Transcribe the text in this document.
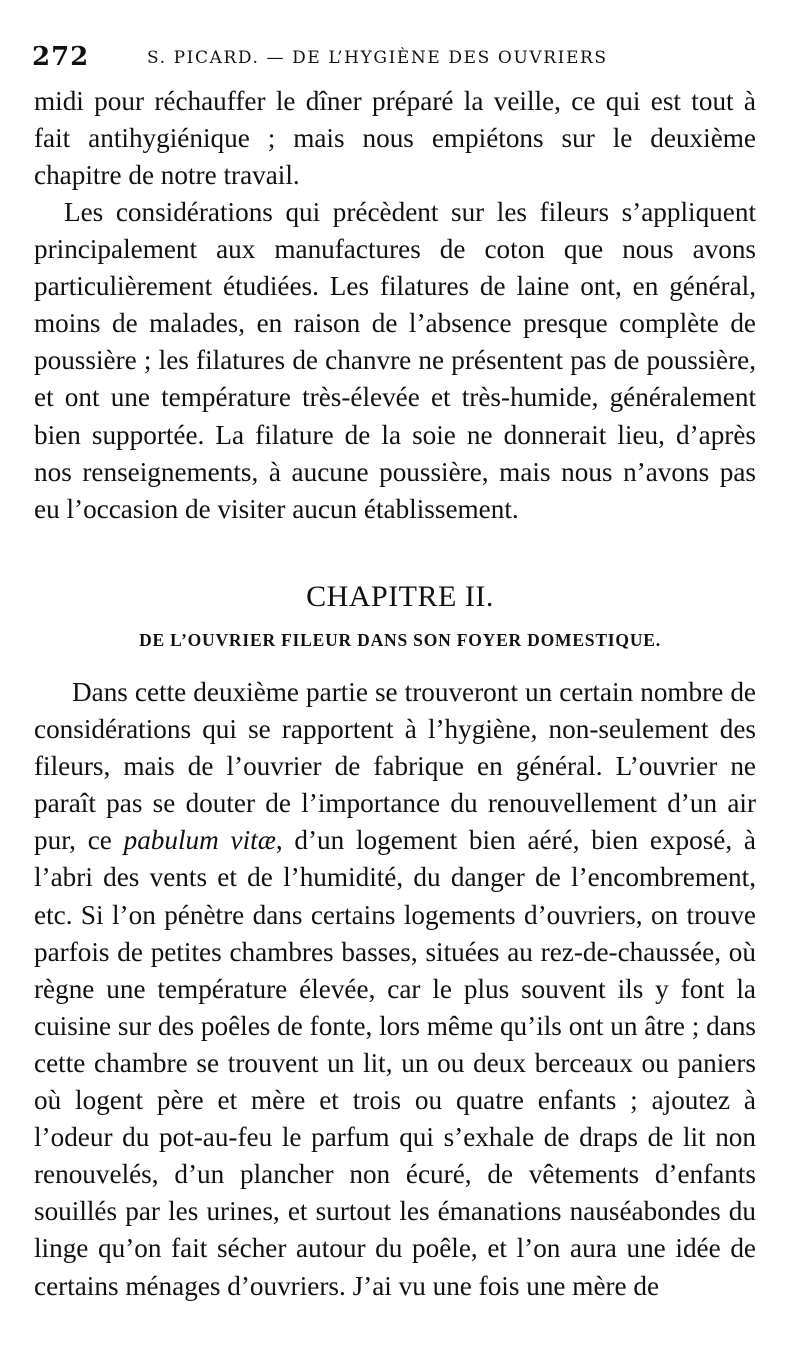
272	S. PICARD. — DE L’HYGIÈNE DES OUVRIERS

midi pour réchauffer le dîner préparé la veille, ce qui est tout à fait antihygiénique ; mais nous empiétons sur le deuxième chapitre de notre travail.

Les considérations qui précèdent sur les fileurs s’appliquent principalement aux manufactures de coton que nous avons particulièrement étudiées. Les filatures de laine ont, en général, moins de malades, en raison de l’absence presque complète de poussière ; les filatures de chanvre ne présentent pas de poussière, et ont une température très-élevée et très-humide, généralement bien supportée. La filature de la soie ne donnerait lieu, d’après nos renseignements, à aucune poussière, mais nous n’avons pas eu l’occasion de visiter aucun établissement.

CHAPITRE II.
DE L’OUVRIER FILEUR DANS SON FOYER DOMESTIQUE.

Dans cette deuxième partie se trouveront un certain nombre de considérations qui se rapportent à l’hygiène, non-seulement des fileurs, mais de l’ouvrier de fabrique en général. L’ouvrier ne paraît pas se douter de l’importance du renouvellement d’un air pur, ce pabulum vitæ, d’un logement bien aéré, bien exposé, à l’abri des vents et de l’humidité, du danger de l’encombrement, etc. Si l’on pénètre dans certains logements d’ouvriers, on trouve parfois de petites chambres basses, situées au rez-de-chaussée, où règne une température élevée, car le plus souvent ils y font la cuisine sur des poêles de fonte, lors même qu’ils ont un âtre ; dans cette chambre se trouvent un lit, un ou deux berceaux ou paniers où logent père et mère et trois ou quatre enfants ; ajoutez à l’odeur du pot-au-feu le parfum qui s’exhale de draps de lit non renouvelés, d’un plancher non écuré, de vêtements d’enfants souillés par les urines, et surtout les émanations nauséabondes du linge qu’on fait sécher autour du poêle, et l’on aura une idée de certains ménages d’ouvriers. J’ai vu une fois une mère de
